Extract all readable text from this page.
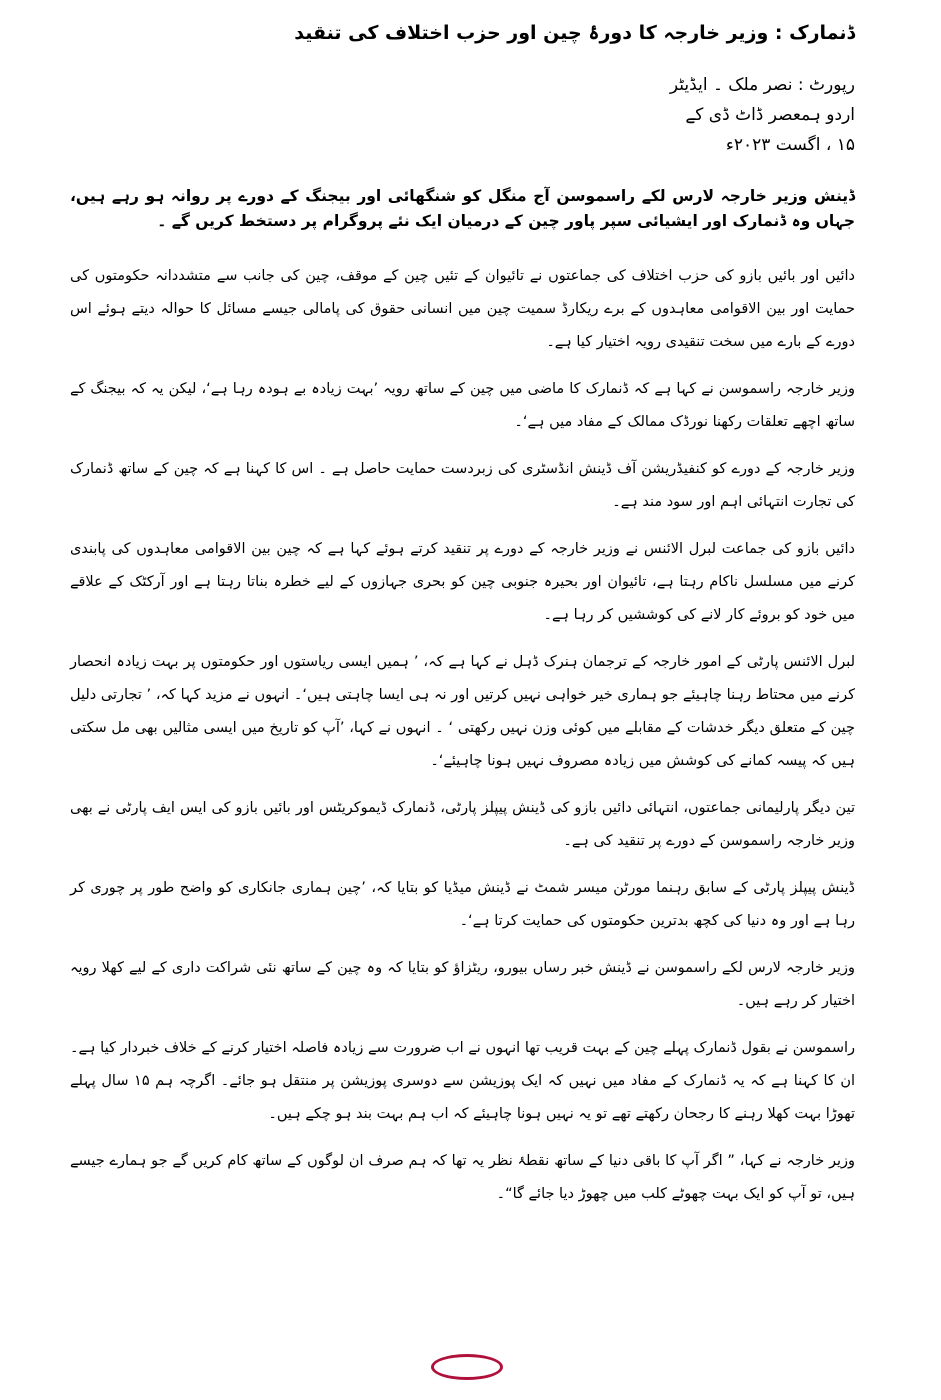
ڈنمارک : وزیر خارجہ کا دورۂ چین اور حزب اختلاف کی تنقید
رپورٹ : نصر ملک ۔ ایڈیٹر
اردو ہمعصر ڈاٹ ڈی کے
۱۵ ، اگست ۲۰۲۳ء
ڈینش وزیر خارجہ لارس لکے راسموسن آج منگل کو شنگھائی اور بیجنگ کے دورے پر روانہ ہو رہے ہیں، جہاں وہ ڈنمارک اور ایشیائی سپر پاور چین کے درمیان ایک نئے پروگرام پر دستخط کریں گے ۔

دائیں اور بائیں بازو کی حزب اختلاف کی جماعتوں نے تائیوان کے تئیں چین کے موقف، چین کی جانب سے متشددانہ حکومتوں کی حمایت اور بین الاقوامی معاہدوں کے برے ریکارڈ سمیت چین میں انسانی حقوق کی پامالی جیسے مسائل کا حوالہ دیتے ہوئے اس دورے کے بارے میں سخت تنقیدی رویہ اختیار کیا ہے۔

وزیر خارجہ راسموسن نے کہا ہے کہ ڈنمارک کا ماضی میں چین کے ساتھ رویہ ’بہت زیادہ بے ہودہ رہا ہے‘، لیکن یہ کہ بیجنگ کے ساتھ اچھے تعلقات رکھنا نورڈک ممالک کے مفاد میں ہے‘۔

وزیر خارجہ کے دورے کو کنفیڈریشن آف ڈینش انڈسٹری کی زبردست حمایت حاصل ہے ۔ اس کا کہنا ہے کہ چین کے ساتھ ڈنمارک کی تجارت انتہائی اہم اور سود مند ہے۔

دائیں بازو کی جماعت لبرل الائنس نے وزیر خارجہ کے دورے پر تنقید کرتے ہوئے کہا ہے کہ چین بین الاقوامی معاہدوں کی پابندی کرنے میں مسلسل ناکام رہتا ہے، تائیوان اور بحیرہ جنوبی چین کو بحری جہازوں کے لیے خطرہ بناتا رہتا ہے اور آرکٹک کے علاقے میں خود کو بروئے کار لانے کی کوششیں کر رہا ہے۔

لبرل الائنس پارٹی کے امور خارجہ کے ترجمان ہنرک ڈہل نے کہا ہے کہ، ’ ہمیں ایسی ریاستوں اور حکومتوں پر بہت زیادہ انحصار کرنے میں محتاط رہنا چاہیئے جو ہماری خیر خواہی نہیں کرتیں اور نہ ہی ایسا چاہتی ہیں‘۔ انہوں نے مزید کہا کہ، ’ تجارتی دلیل چین کے متعلق دیگر خدشات کے مقابلے میں کوئی وزن نہیں رکھتی ‘ ۔ انہوں نے کہا، ’آپ کو تاریخ میں ایسی مثالیں بھی مل سکتی ہیں کہ پیسہ کمانے کی کوشش میں زیادہ مصروف نہیں ہونا چاہیئے‘۔

تین دیگر پارلیمانی جماعتوں، انتہائی دائیں بازو کی ڈینش پیپلز پارٹی، ڈنمارک ڈیموکریٹس اور بائیں بازو کی ایس ایف پارٹی نے بھی وزیر خارجہ راسموسن کے دورے پر تنقید کی ہے۔

ڈینش پیپلز پارٹی کے سابق رہنما مورٹن میسر شمٹ نے ڈینش میڈیا کو بتایا کہ، ’چین ہماری جانکاری کو واضح طور پر چوری کر رہا ہے اور وہ دنیا کی کچھ بدترین حکومتوں کی حمایت کرتا ہے‘۔

وزیر خارجہ لارس لکے راسموسن نے ڈینش خبر رساں بیورو، ریٹزاؤ کو بتایا کہ وہ چین کے ساتھ نئی شراکت داری کے لیے کھلا رویہ اختیار کر رہے ہیں۔

راسموسن نے بقول ڈنمارک پہلے چین کے بہت قریب تھا انہوں نے اب ضرورت سے زیادہ فاصلہ اختیار کرنے کے خلاف خبردار کیا ہے۔ ان کا کہنا ہے کہ یہ ڈنمارک کے مفاد میں نہیں کہ ایک پوزیشن سے دوسری پوزیشن پر منتقل ہو جائے۔ اگرچہ ہم ۱۵ سال پہلے تھوڑا بہت کھلا رہنے کا رجحان رکھتے تھے تو یہ نہیں ہونا چاہیئے کہ اب ہم بہت بند ہو چکے ہیں۔

وزیر خارجہ نے کہا، ” اگر آپ کا باقی دنیا کے ساتھ نقطۂ نظر یہ تھا کہ ہم صرف ان لوگوں کے ساتھ کام کریں گے جو ہمارے جیسے ہیں، تو آپ کو ایک بہت چھوٹے کلب میں چھوڑ دیا جائے گا“۔
